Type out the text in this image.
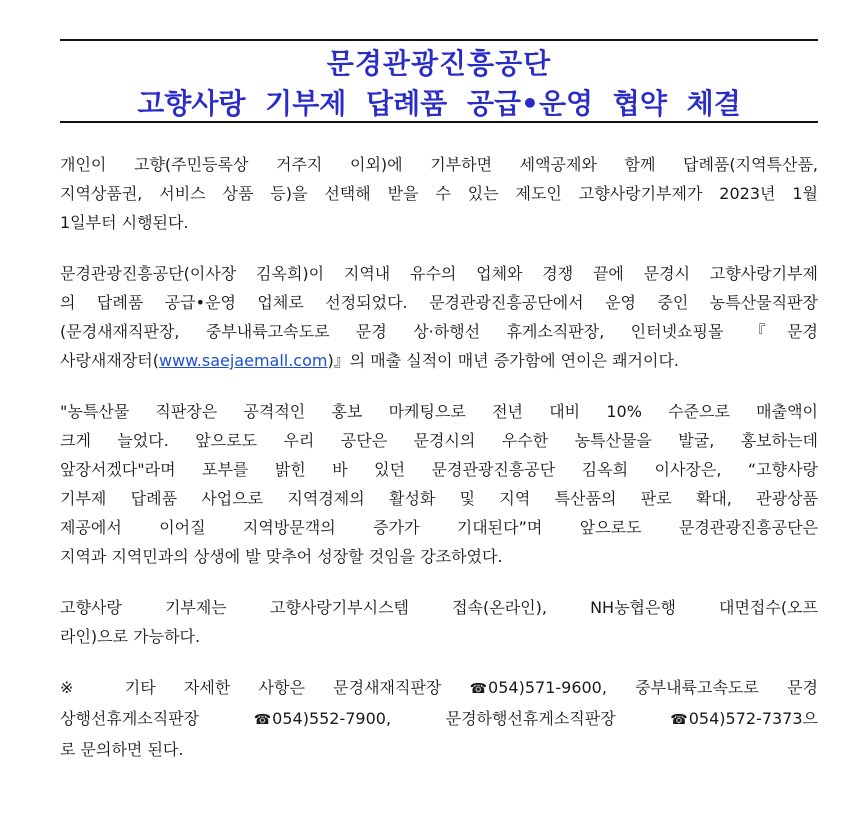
문경관광진흥공단
고향사랑 기부제 답례품 공급•운영 협약 체결
개인이 고향(주민등록상 거주지 이외)에 기부하면 세액공제와 함께 답례품(지역특산품,
지역상품권, 서비스 상품 등)을 선택해 받을 수 있는 제도인 고향사랑기부제가 2023년 1월
1일부터 시행된다.
문경관광진흥공단(이사장 김옥희)이 지역내 유수의 업체와 경쟁 끝에 문경시 고향사랑기부제
의 답례품 공급•운영 업체로 선정되었다. 문경관광진흥공단에서 운영 중인 농특산물직판장
(문경새재직판장, 중부내륙고속도로 문경 상·하행선 휴게소직판장, 인터넷쇼핑몰 『문경
사랑새재장터(www.saejaemall.com)』의 매출 실적이 매년 증가함에 연이은 쾌거이다.
"농특산물 직판장은 공격적인 홍보 마케팅으로 전년 대비 10% 수준으로 매출액이
크게 늘었다. 앞으로도 우리 공단은 문경시의 우수한 농특산물을 발굴, 홍보하는데
앞장서겠다"라며 포부를 밝힌 바 있던 문경관광진흥공단 김옥희 이사장은, “고향사랑
기부제 답례품 사업으로 지역경제의 활성화 및 지역 특산품의 판로 확대, 관광상품
제공에서 이어질 지역방문객의 증가가 기대된다”며 앞으로도 문경관광진흥공단은
지역과 지역민과의 상생에 발 맞추어 성장할 것임을 강조하였다.
고향사랑 기부제는 고향사랑기부시스템 접속(온라인), NH농협은행 대면접수(오프
라인)으로 가능하다.
※ 기타 자세한 사항은 문경새재직판장 ☎054)571-9600, 중부내륙고속도로 문경
상행선휴게소직판장 ☎054)552-7900, 문경하행선휴게소직판장 ☎054)572-7373으
로 문의하면 된다.
